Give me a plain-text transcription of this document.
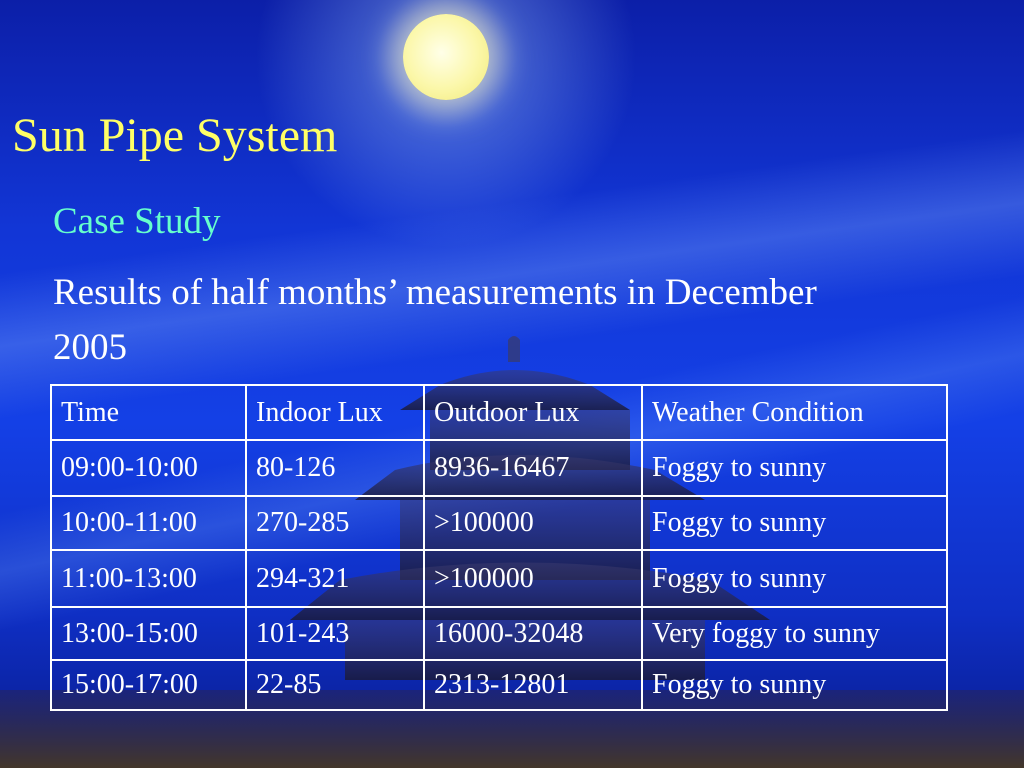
Sun Pipe System
Case Study
Results of half months’ measurements in December 2005
Time	Indoor Lux	Outdoor Lux	Weather Condition
09:00-10:00	80-126	8936-16467	Foggy to sunny
10:00-11:00	270-285	>100000	Foggy to sunny
11:00-13:00	294-321	>100000	Foggy to sunny
13:00-15:00	101-243	16000-32048	Very foggy to sunny
15:00-17:00	22-85	2313-12801	Foggy to sunny
